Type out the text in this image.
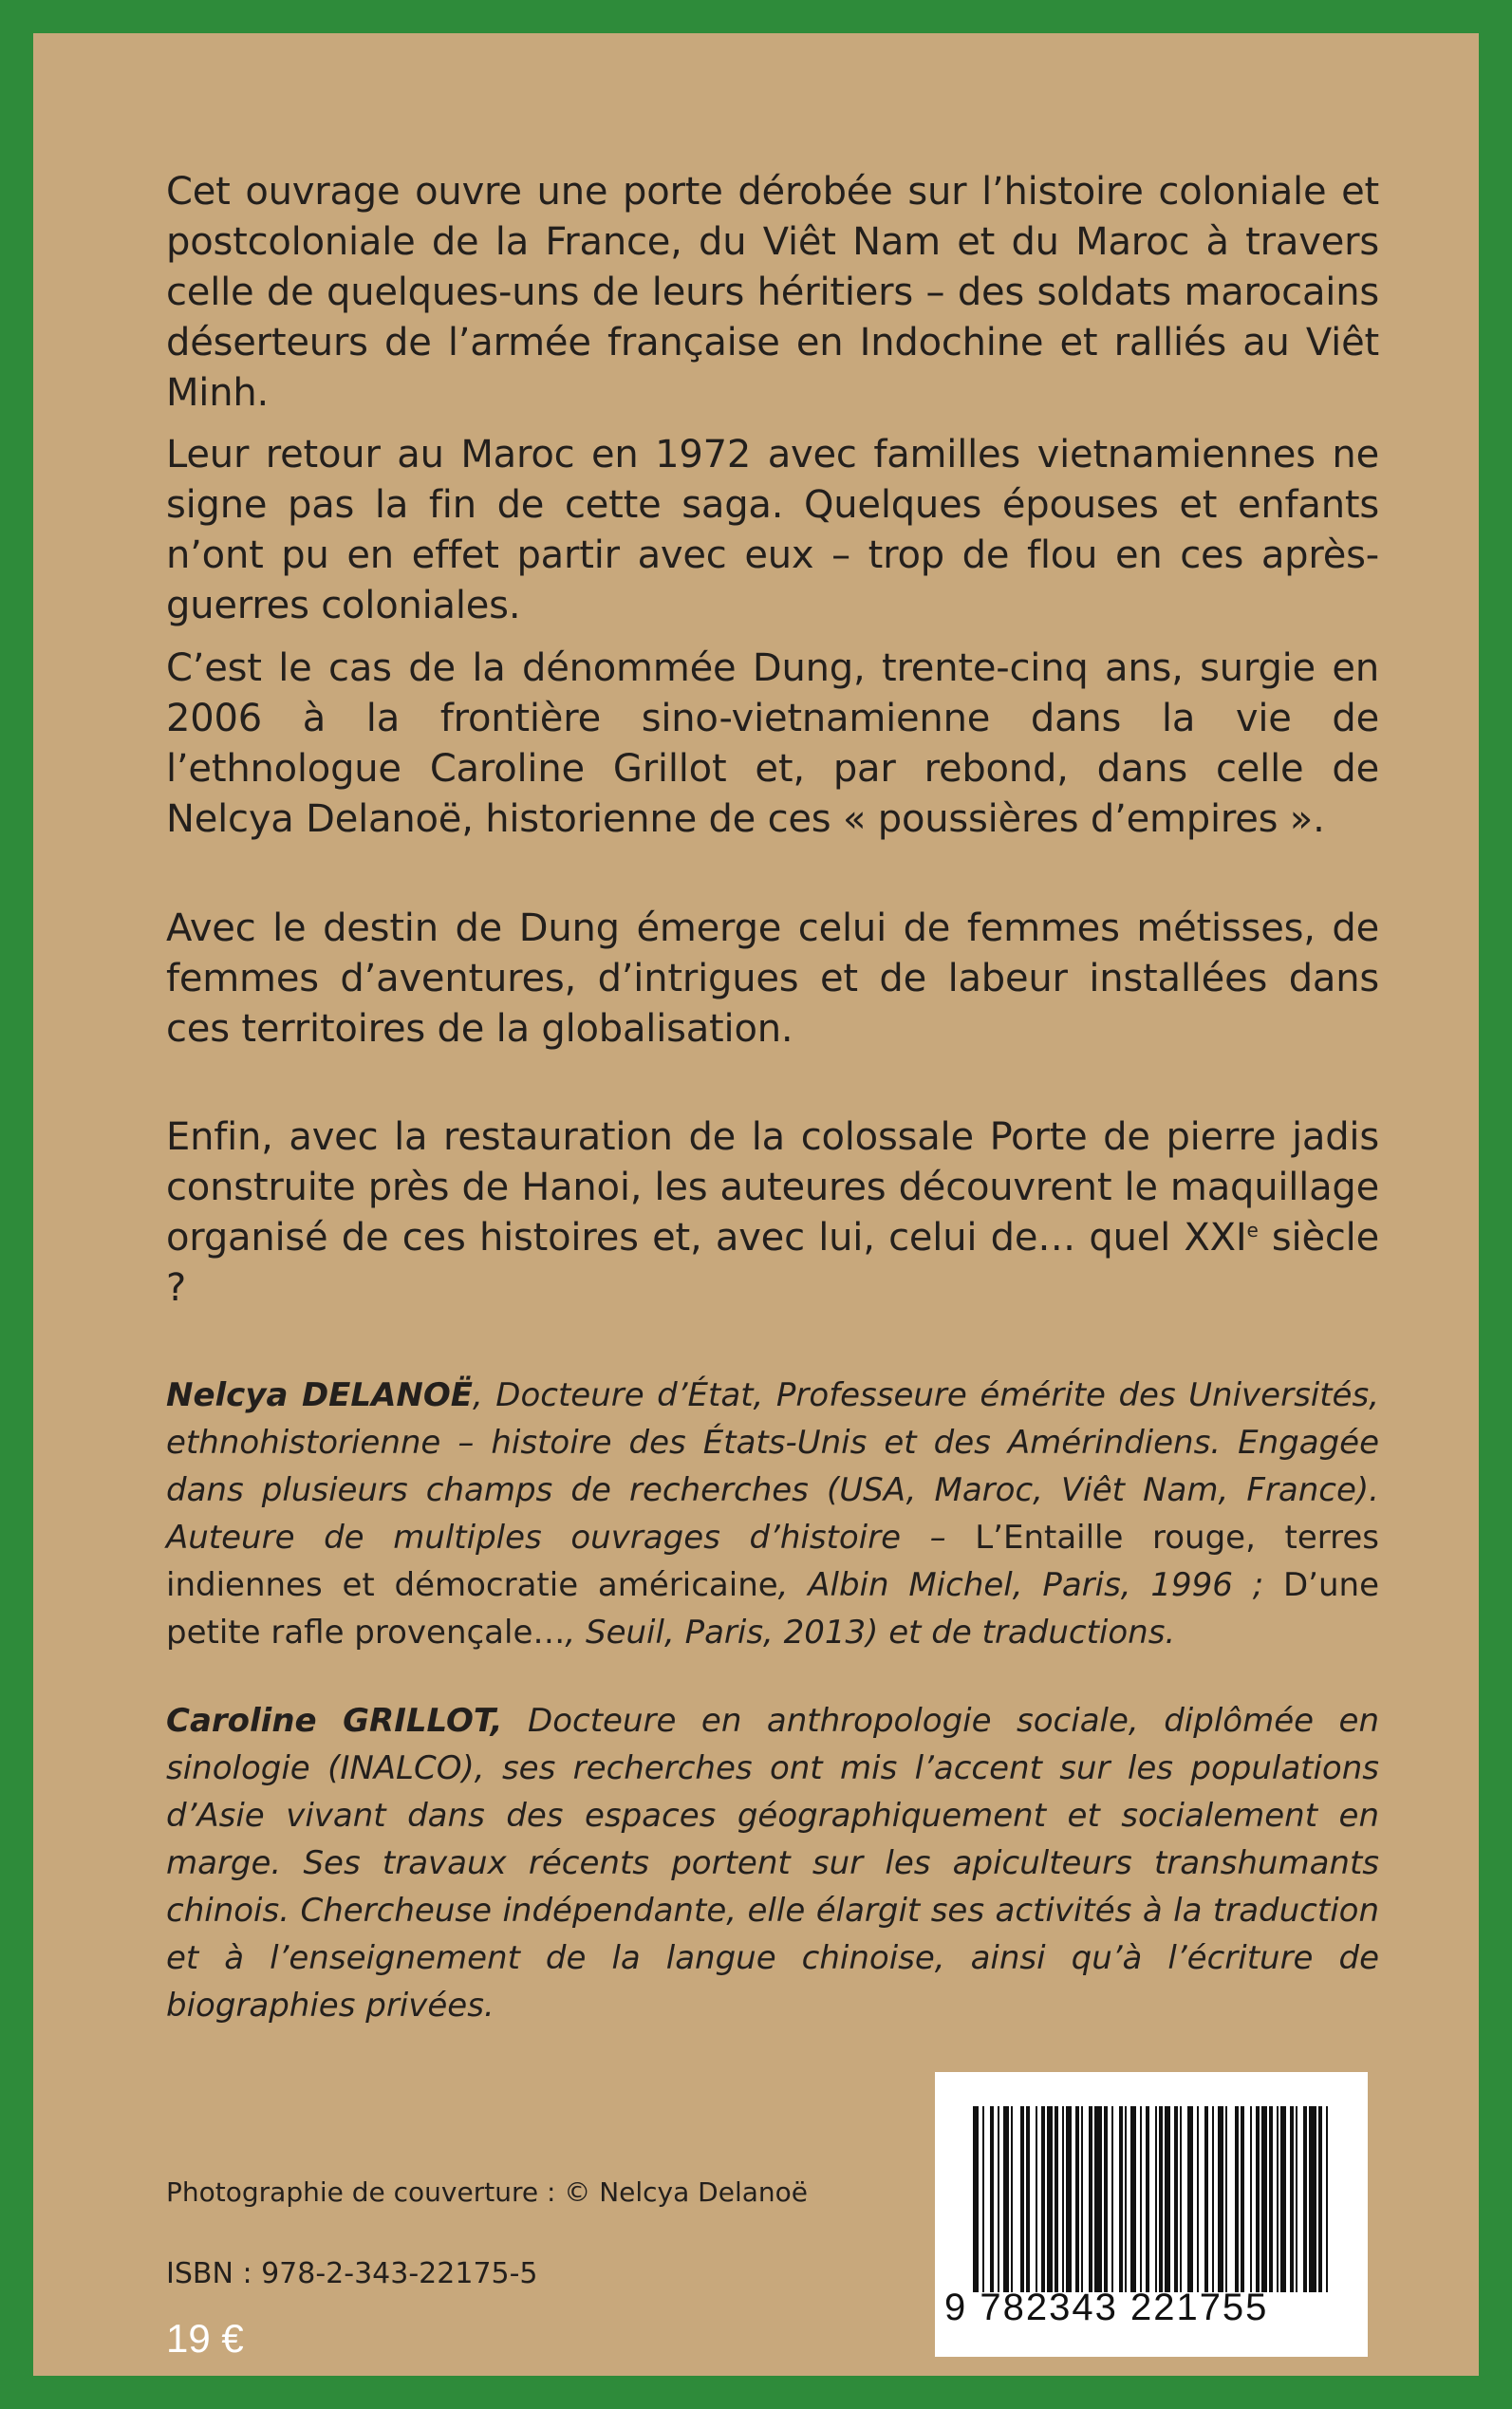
Cet ouvrage ouvre une porte dérobée sur l’histoire coloniale et postcoloniale de la France, du Viêt Nam et du Maroc à travers celle de quelques-uns de leurs héritiers – des soldats marocains déserteurs de l’armée française en Indochine et ralliés au Viêt Minh.

Leur retour au Maroc en 1972 avec familles vietnamiennes ne signe pas la fin de cette saga. Quelques épouses et enfants n’ont pu en effet partir avec eux – trop de flou en ces après-guerres coloniales.

C’est le cas de la dénommée Dung, trente-cinq ans, surgie en 2006 à la frontière sino-vietnamienne dans la vie de l’ethnologue Caroline Grillot et, par rebond, dans celle de Nelcya Delanoë, historienne de ces « poussières d’empires ».

Avec le destin de Dung émerge celui de femmes métisses, de femmes d’aventures, d’intrigues et de labeur installées dans ces territoires de la globalisation.

Enfin, avec la restauration de la colossale Porte de pierre jadis construite près de Hanoi, les auteures découvrent le maquillage organisé de ces histoires et, avec lui, celui de… quel XXIe siècle ?

Nelcya DELANOË, Docteure d’État, Professeure émérite des Universités, ethnohistorienne – histoire des États-Unis et des Amérindiens. Engagée dans plusieurs champs de recherches (USA, Maroc, Viêt Nam, France). Auteure de multiples ouvrages d’histoire – L’Entaille rouge, terres indiennes et démocratie américaine, Albin Michel, Paris, 1996 ; D’une petite rafle provençale…, Seuil, Paris, 2013) et de traductions.

Caroline GRILLOT, Docteure en anthropologie sociale, diplômée en sinologie (INALCO), ses recherches ont mis l’accent sur les populations d’Asie vivant dans des espaces géographiquement et socialement en marge. Ses travaux récents portent sur les apiculteurs transhumants chinois. Chercheuse indépendante, elle élargit ses activités à la traduction et à l’enseignement de la langue chinoise, ainsi qu’à l’écriture de biographies privées.

Photographie de couverture : © Nelcya Delanoë
ISBN : 978-2-343-22175-5
19 €
9 782343 221755
